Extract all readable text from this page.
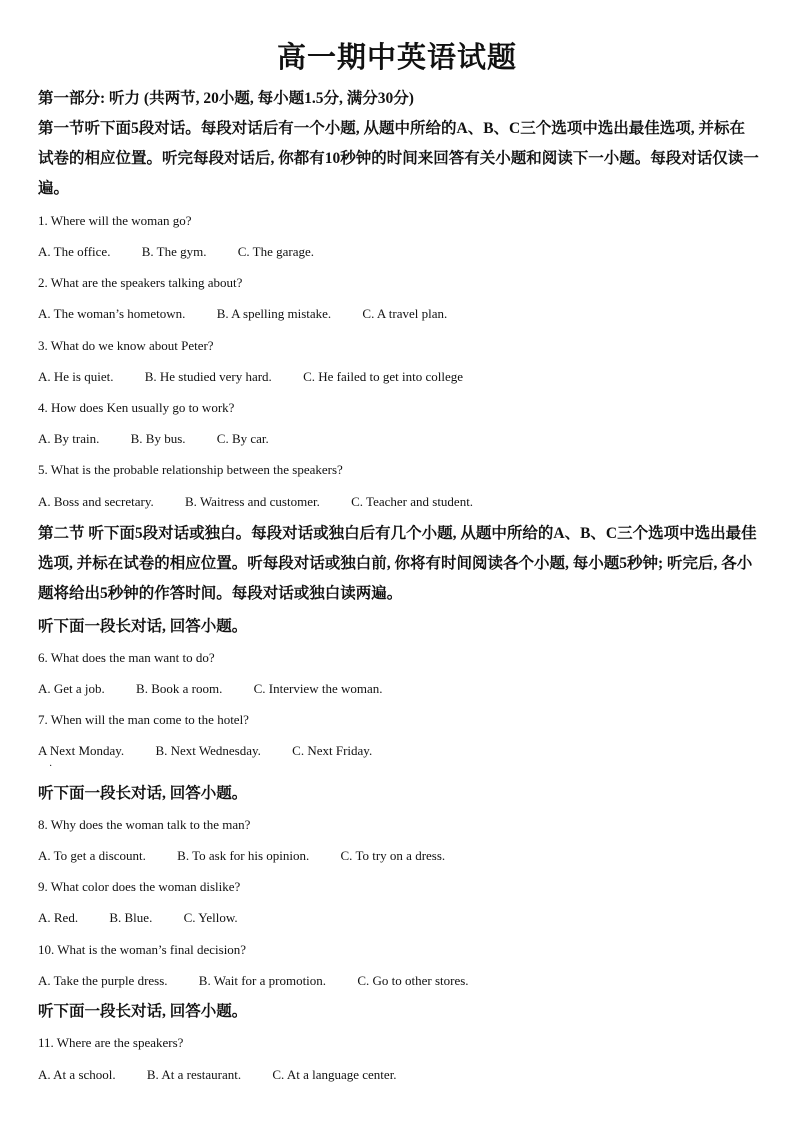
高一期中英语试题
第一部分: 听力 (共两节, 20小题, 每小题1.5分, 满分30分)
第一节听下面5段对话。每段对话后有一个小题, 从题中所给的A、B、C三个选项中选出最佳选项, 并标在试卷的相应位置。听完每段对话后, 你都有10秒钟的时间来回答有关小题和阅读下一小题。每段对话仅读一遍。
1. Where will the woman go?
A. The office. B. The gym. C. The garage.
2. What are the speakers talking about?
A. The woman’s hometown. B. A spelling mistake. C. A travel plan.
3. What do we know about Peter?
A. He is quiet. B. He studied very hard. C. He failed to get into college
4. How does Ken usually go to work?
A. By train. B. By bus. C. By car.
5. What is the probable relationship between the speakers?
A. Boss and secretary. B. Waitress and customer. C. Teacher and student.
第二节 听下面5段对话或独白。每段对话或独白后有几个小题, 从题中所给的A、B、C三个选项中选出最佳选项, 并标在试卷的相应位置。听每段对话或独白前, 你将有时间阅读各个小题, 每小题5秒钟; 听完后, 各小题将给出5秒钟的作答时间。每段对话或独白读两遍。
听下面一段长对话, 回答小题。
6. What does the man want to do?
A. Get a job. B. Book a room. C. Interview the woman.
7. When will the man come to the hotel?
A Next Monday. B. Next Wednesday. C. Next Friday.
·
听下面一段长对话, 回答小题。
8. Why does the woman talk to the man?
A. To get a discount. B. To ask for his opinion. C. To try on a dress.
9. What color does the woman dislike?
A. Red. B. Blue. C. Yellow.
10. What is the woman’s final decision?
A. Take the purple dress. B. Wait for a promotion. C. Go to other stores.
听下面一段长对话, 回答小题。
11. Where are the speakers?
A. At a school. B. At a restaurant. C. At a language center.
